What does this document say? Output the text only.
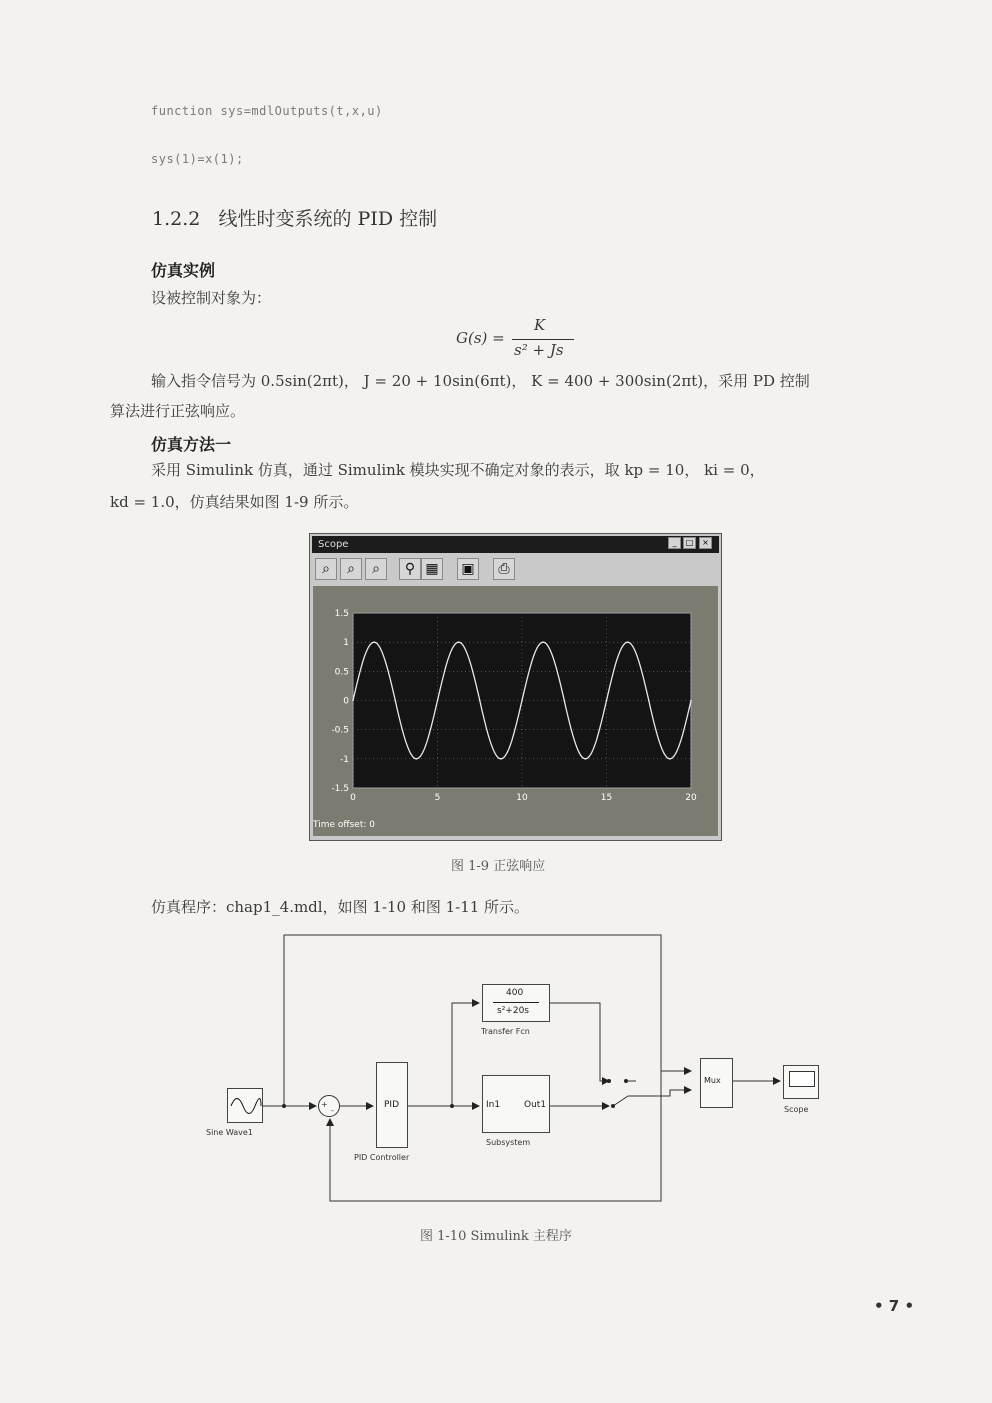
function sys=mdlOutputs(t,x,u)
sys(1)=x(1);
1.2.2 线性时变系统的 PID 控制
仿真实例
设被控制对象为：
G(s) =
K
s² + Js
输入指令信号为 0.5sin(2πt)， J = 20 + 10sin(6πt)， K = 400 + 300sin(2πt)，采用 PD 控制
算法进行正弦响应。
仿真方法一
采用 Simulink 仿真，通过 Simulink 模块实现不确定对象的表示，取 kp = 10， ki = 0，
kd = 1.0，仿真结果如图 1-9 所示。
Scope	_	□	×
⌕	⌕	⌕	⚲ ▦	▣	⎙
1.5
1
0.5
0
-0.5
-1
-1.5
0	5	10	15	20
Time offset: 0
图 1-9 正弦响应
仿真程序：chap1_4.mdl，如图 1-10 和图 1-11 所示。
Sine Wave1
+
-
PID
PID Controller
400
s²+20s
Transfer Fcn
In1	Out1
Subsystem
Mux
Scope
图 1-10 Simulink 主程序
• 7 •
